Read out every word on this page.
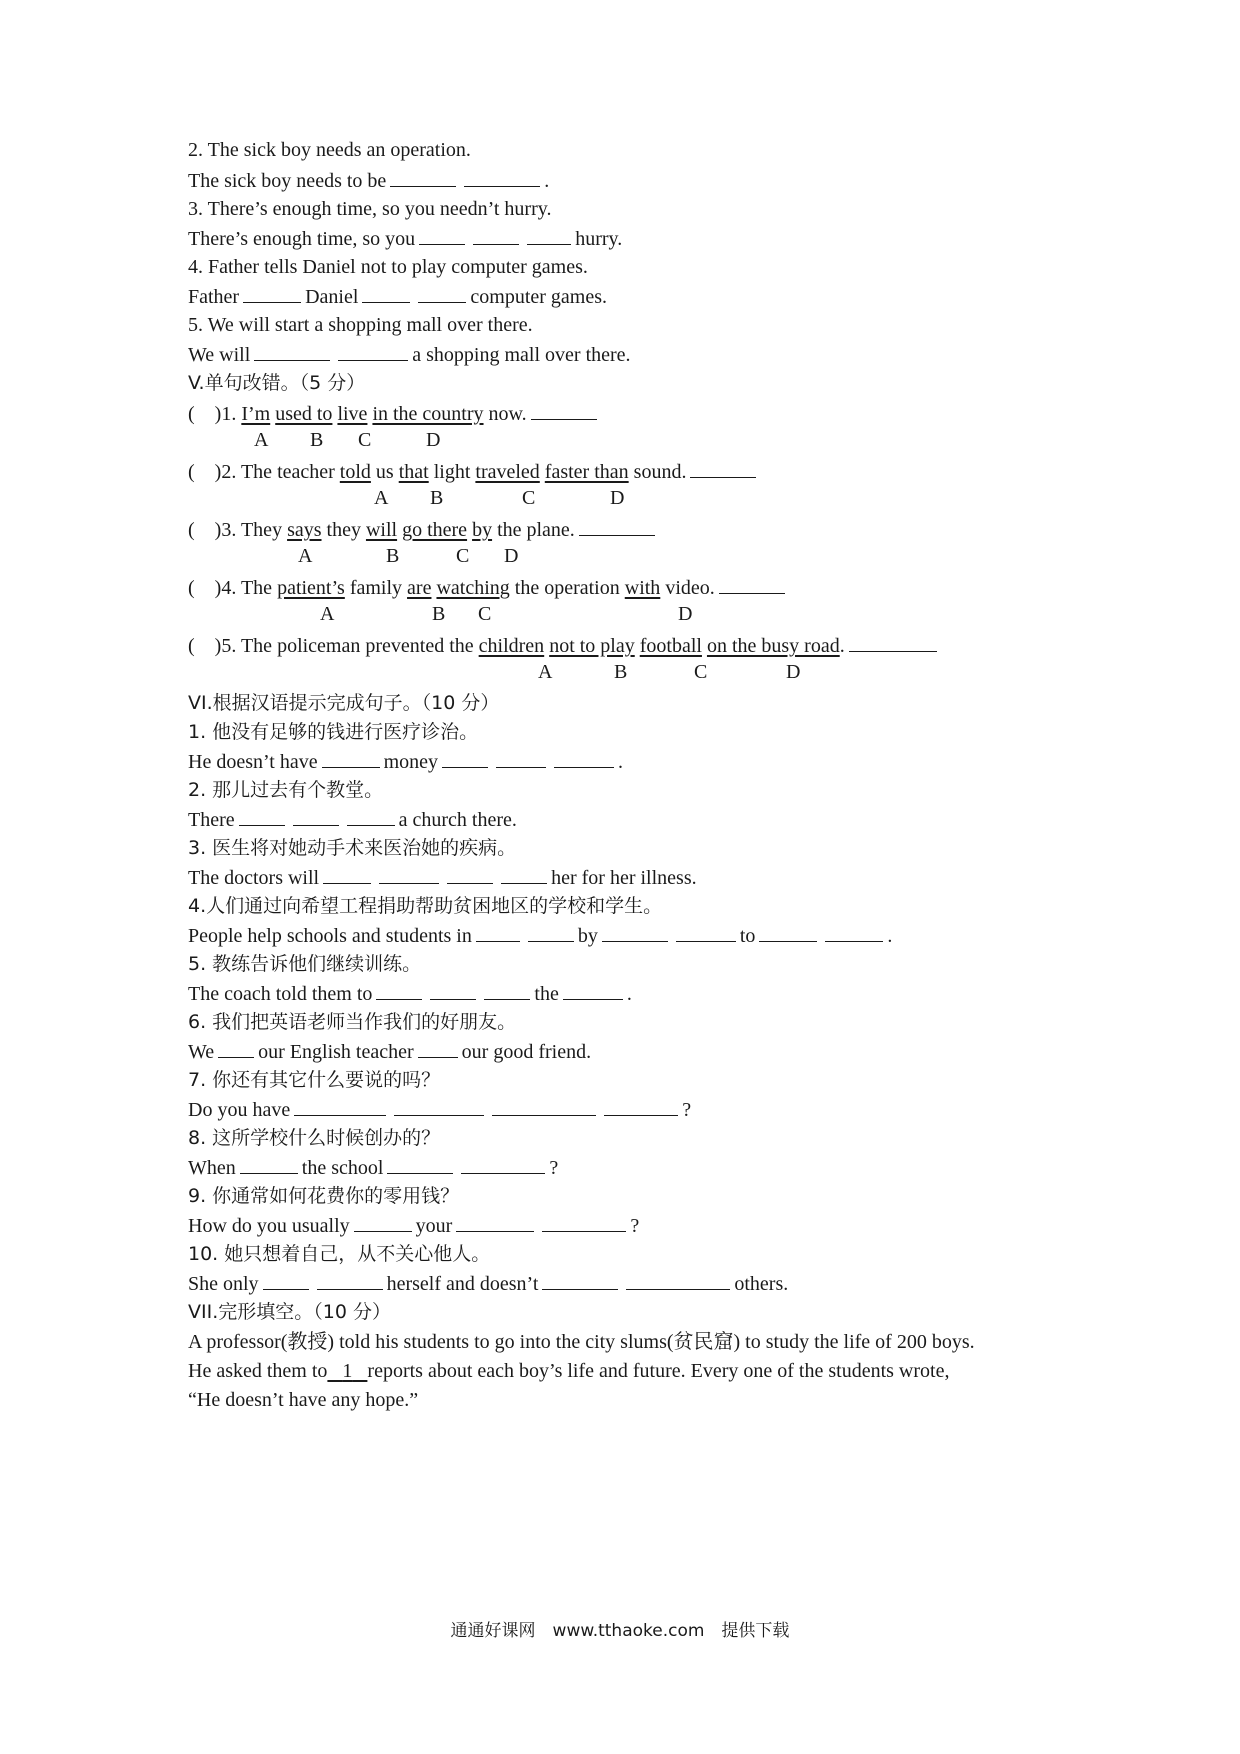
2. The sick boy needs an operation.
The sick boy needs to be	.
3. There’s enough time, so you needn’t hurry.
There’s enough time, so you	hurry.
4. Father tells Daniel not to play computer games.
Father	Daniel	computer games.
5. We will start a shopping mall over there.
We will	a shopping mall over there.
V.单句改错。（5 分）
(　)1. I’m used to live in the country now.
A B C	D
(　)2. The teacher told us that light traveled faster than sound.
A B	C	D
(　)3. They says they will go there by the plane.
A	B	C D
(　)4. The patient’s family are watching the operation with video.
A	B C	D
(　)5. The policeman prevented the children not to play football on the busy road.
A	B	C	D
VI.根据汉语提示完成句子。（10 分）
1. 他没有足够的钱进行医疗诊治。
He doesn’t have	money	.
2. 那儿过去有个教堂。
There	a church there.
3. 医生将对她动手术来医治她的疾病。
The doctors will	her for her illness.
4.人们通过向希望工程捐助帮助贫困地区的学校和学生。
People help schools and students in	by	to	.
5. 教练告诉他们继续训练。
The coach told them to	the	.
6. 我们把英语老师当作我们的好朋友。
We our English teacher our good friend.
7. 你还有其它什么要说的吗？
Do you have	?
8. 这所学校什么时候创办的？
When	the school	?
9. 你通常如何花费你的零用钱？
How do you usually	your	?
10. 她只想着自己，从不关心他人。
She only	herself and doesn’t	others.
VII.完形填空。（10 分）
A professor(教授) told his students to go into the city slums(贫民窟) to study the life of 200 boys.
He asked them to 1 reports about each boy’s life and future. Every one of the students wrote,
“He doesn’t have any hope.”
通通好课网　www.tthaoke.com　提供下载
